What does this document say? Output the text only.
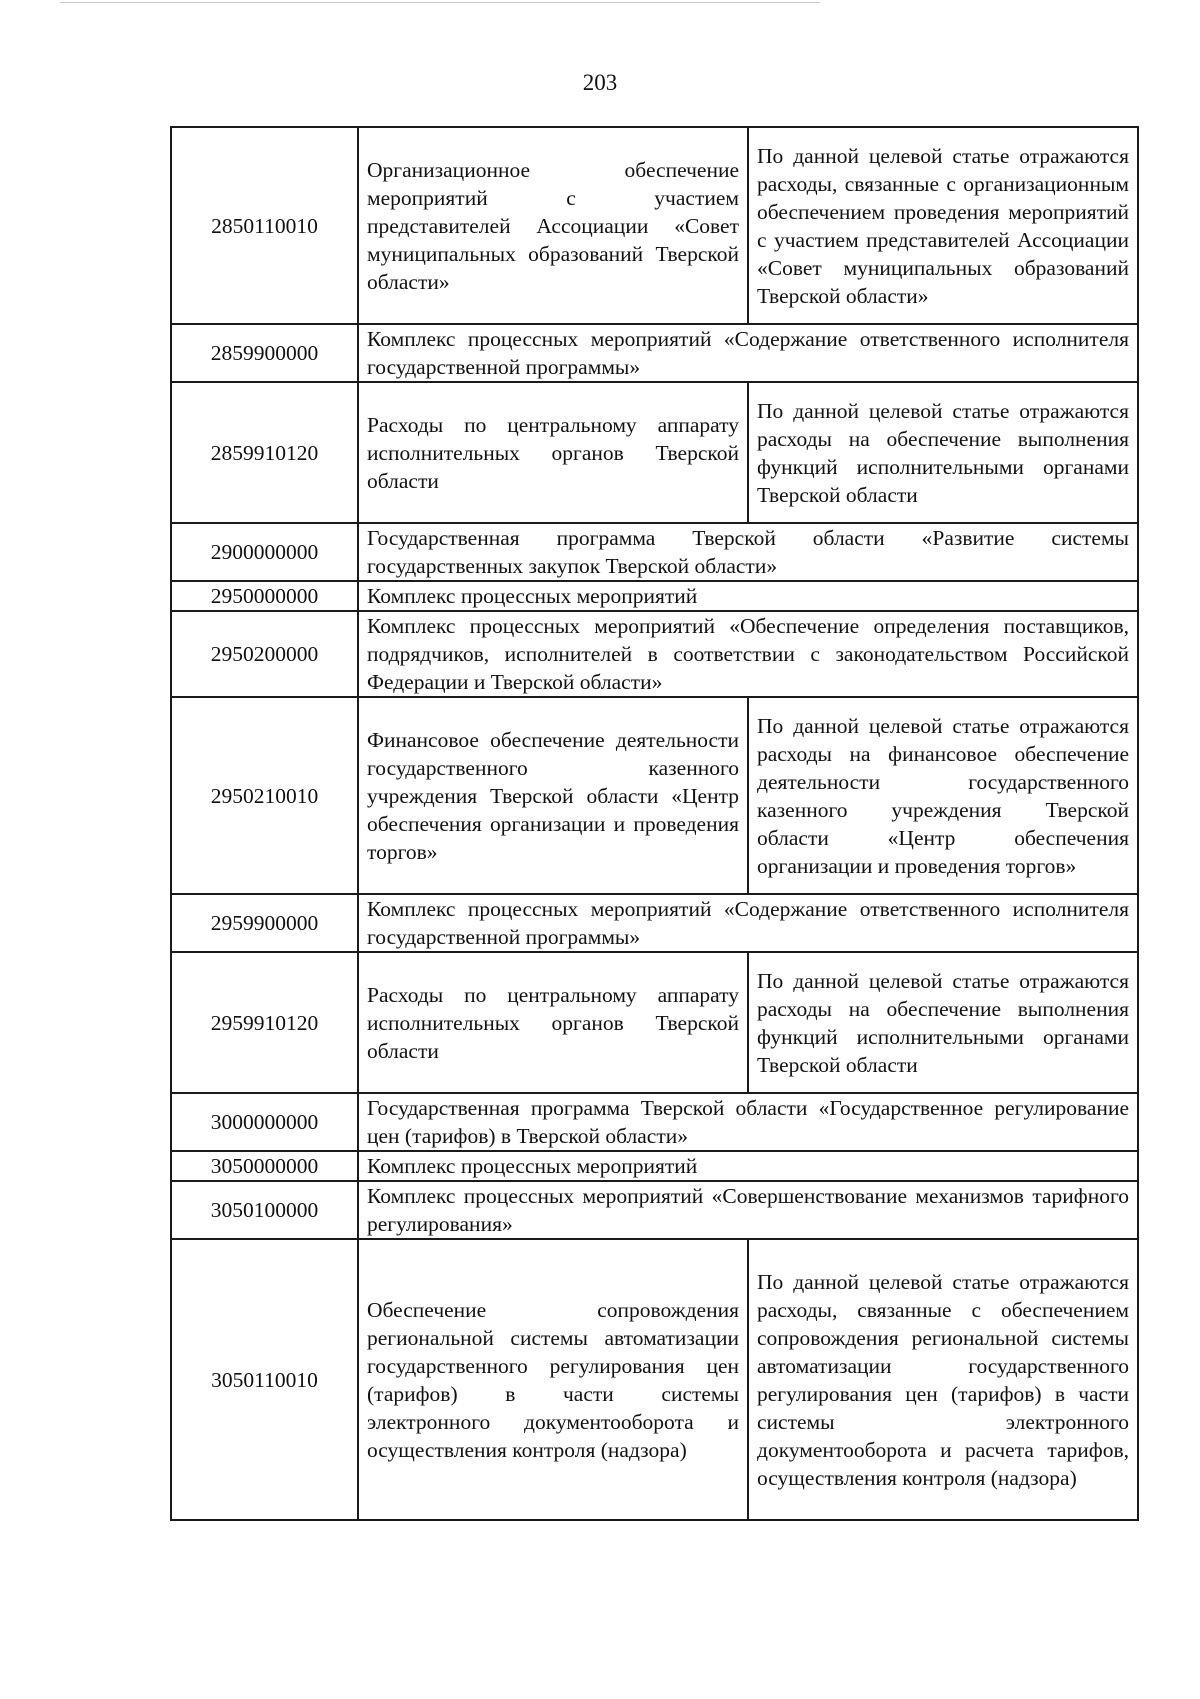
203
2850110010	Организационное обеспечение мероприятий с участием представителей Ассоциации «Совет муниципальных образований Тверской области»	По данной целевой статье отражаются расходы, связанные с организационным обеспечением проведения мероприятий с участием представителей Ассоциации «Совет муниципальных образований Тверской области»
2859900000	Комплекс процессных мероприятий «Содержание ответственного исполнителя государственной программы»	
2859910120	Расходы по центральному аппарату исполнительных органов Тверской области	По данной целевой статье отражаются расходы на обеспечение выполнения функций исполнительными органами Тверской области
2900000000	Государственная программа Тверской области «Развитие системы государственных закупок Тверской области»	
2950000000	Комплекс процессных мероприятий	
2950200000	Комплекс процессных мероприятий «Обеспечение определения поставщиков, подрядчиков, исполнителей в соответствии с законодательством Российской Федерации и Тверской области»	
2950210010	Финансовое обеспечение деятельности государственного казенного учреждения Тверской области «Центр обеспечения организации и проведения торгов»	По данной целевой статье отражаются расходы на финансовое обеспечение деятельности государственного казенного учреждения Тверской области «Центр обеспечения организации и проведения торгов»
2959900000	Комплекс процессных мероприятий «Содержание ответственного исполнителя государственной программы»	
2959910120	Расходы по центральному аппарату исполнительных органов Тверской области	По данной целевой статье отражаются расходы на обеспечение выполнения функций исполнительными органами Тверской области
3000000000	Государственная программа Тверской области «Государственное регулирование цен (тарифов) в Тверской области»	
3050000000	Комплекс процессных мероприятий	
3050100000	Комплекс процессных мероприятий «Совершенствование механизмов тарифного регулирования»	
3050110010	Обеспечение сопровождения региональной системы автоматизации государственного регулирования цен (тарифов) в части системы электронного документооборота и осуществления контроля (надзора)	По данной целевой статье отражаются расходы, связанные с обеспечением сопровождения региональной системы автоматизации государственного регулирования цен (тарифов) в части системы электронного документооборота и расчета тарифов, осуществления контроля (надзора)
